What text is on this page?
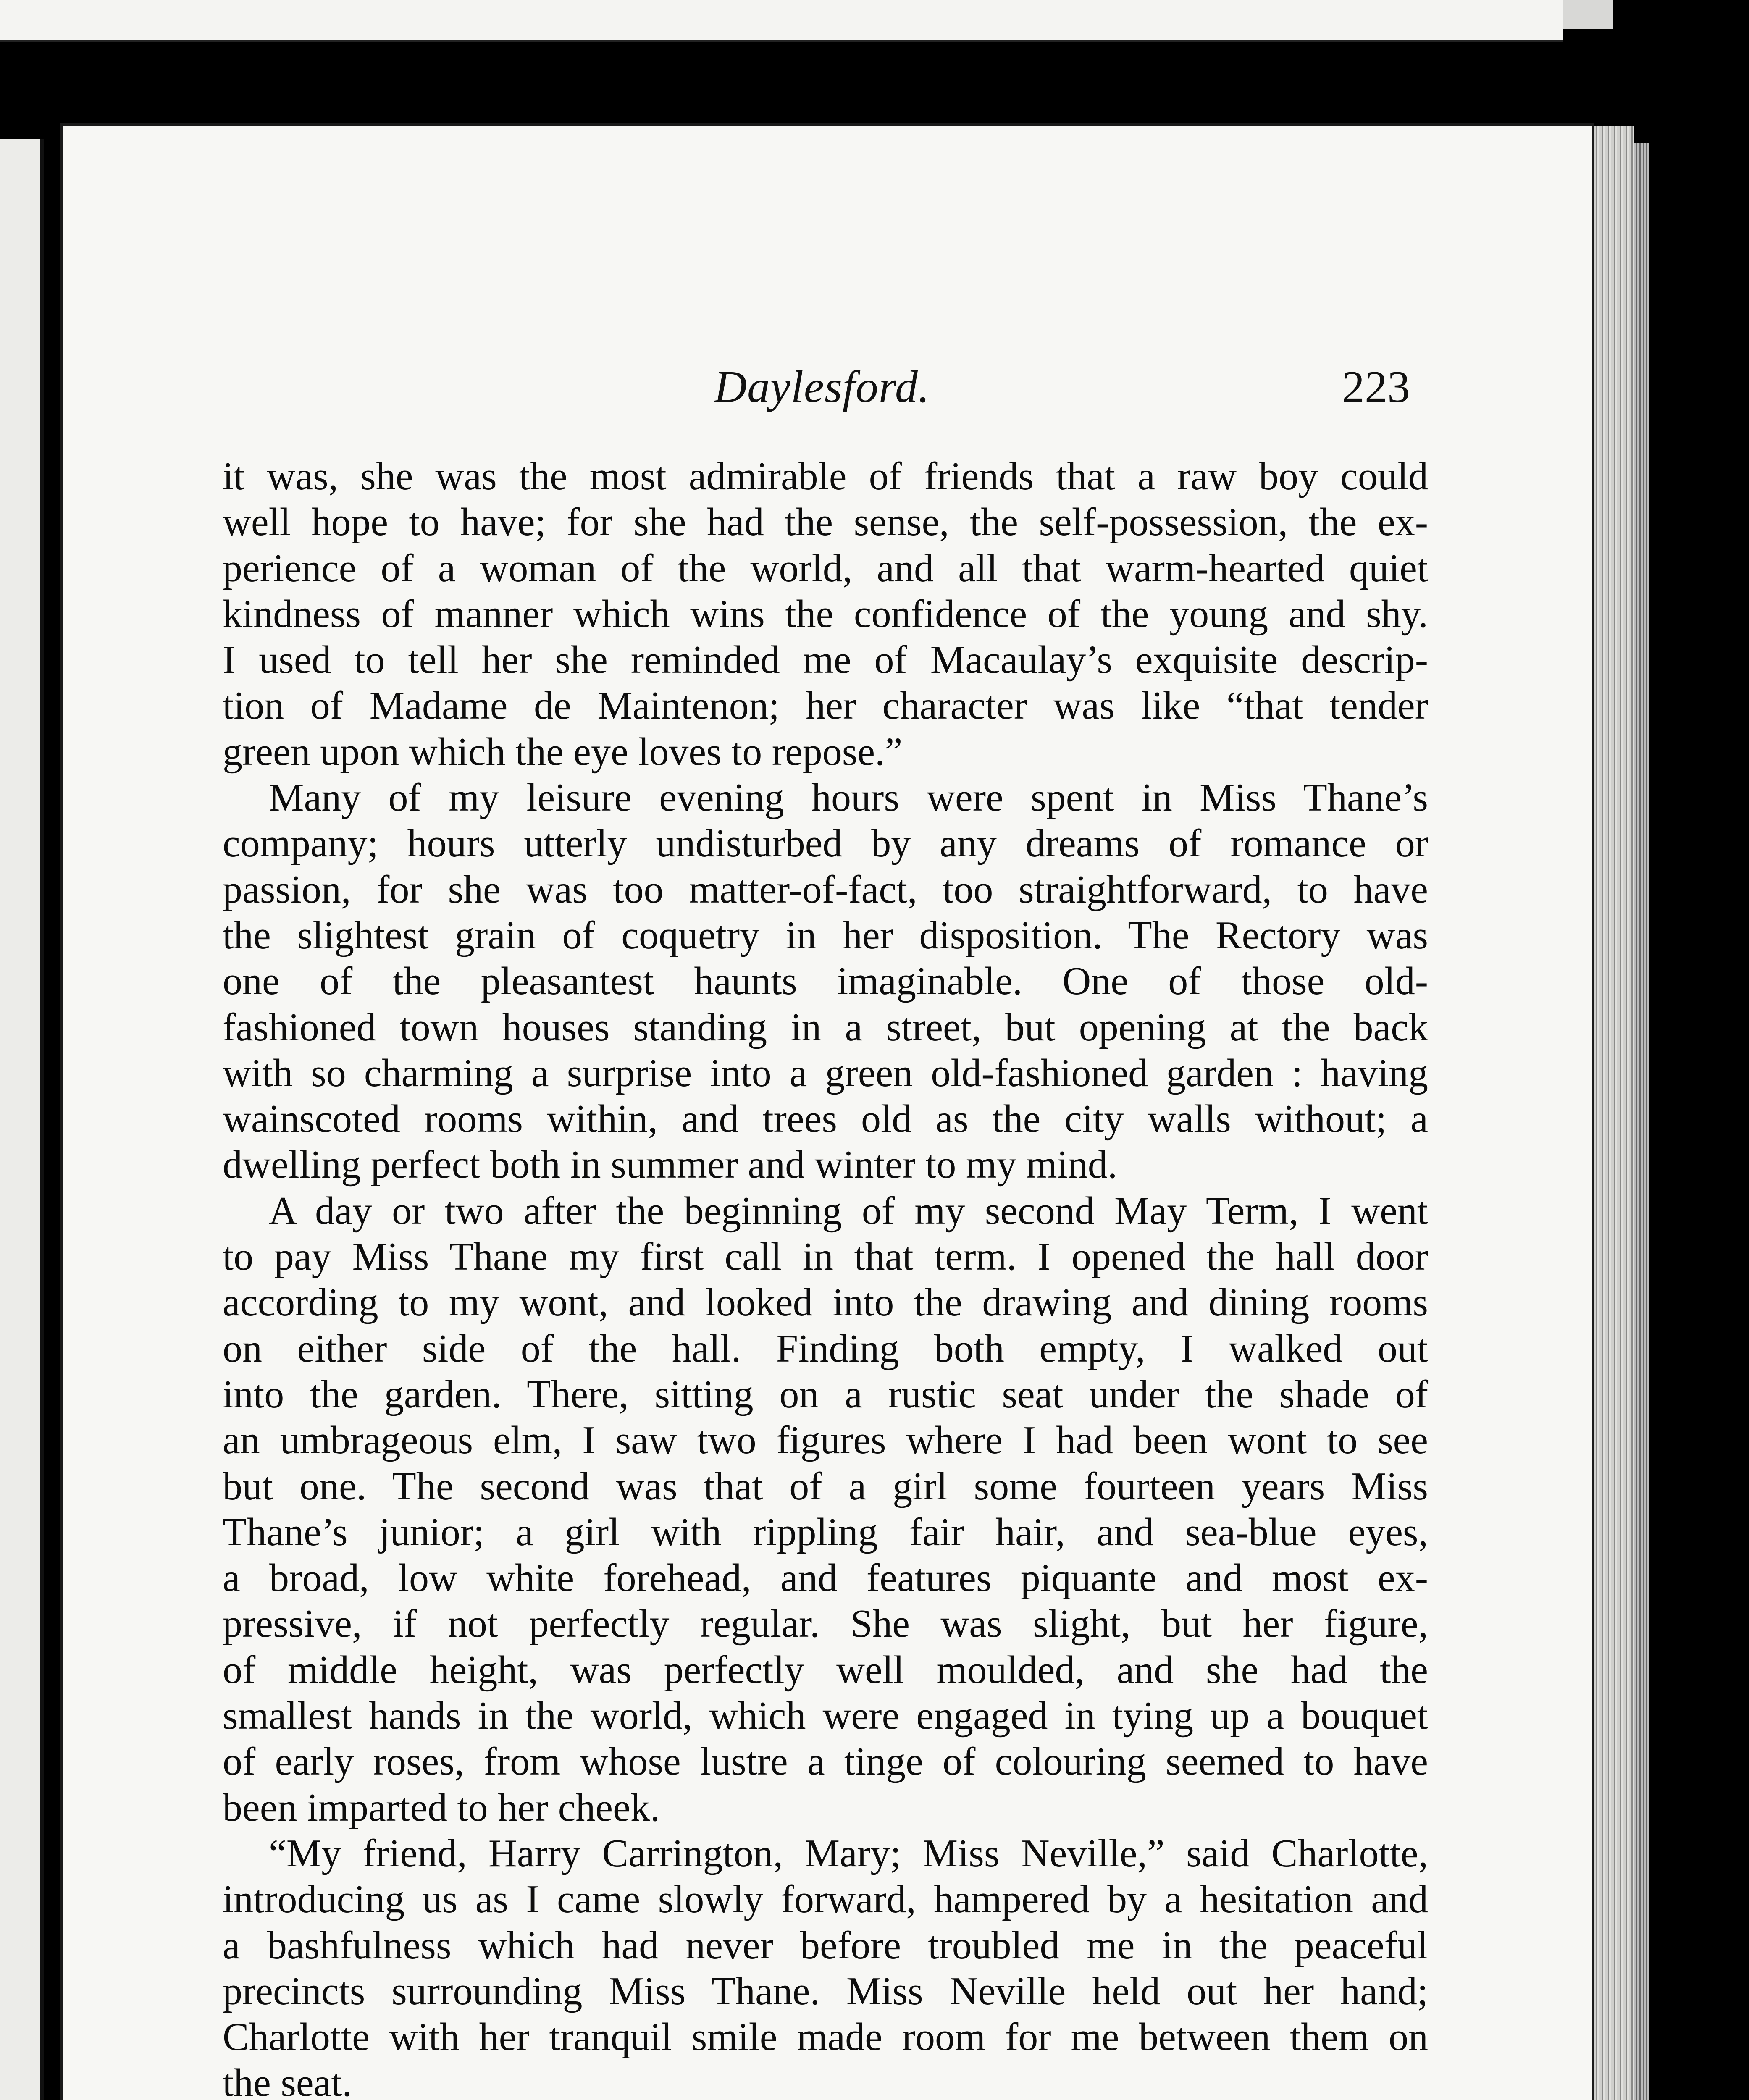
Daylesford.	223
it was, she was the most admirable of friends that a raw boy could
well hope to have; for she had the sense, the self-possession, the ex-
perience of a woman of the world, and all that warm-hearted quiet
kindness of manner which wins the confidence of the young and shy.
I used to tell her she reminded me of Macaulay’s exquisite descrip-
tion of Madame de Maintenon; her character was like “that tender
green upon which the eye loves to repose.”
Many of my leisure evening hours were spent in Miss Thane’s
company; hours utterly undisturbed by any dreams of romance or
passion, for she was too matter-of-fact, too straightforward, to have
the slightest grain of coquetry in her disposition. The Rectory was
one of the pleasantest haunts imaginable. One of those old-
fashioned town houses standing in a street, but opening at the back
with so charming a surprise into a green old-fashioned garden : having
wainscoted rooms within, and trees old as the city walls without; a
dwelling perfect both in summer and winter to my mind.
A day or two after the beginning of my second May Term, I went
to pay Miss Thane my first call in that term. I opened the hall door
according to my wont, and looked into the drawing and dining rooms
on either side of the hall. Finding both empty, I walked out
into the garden. There, sitting on a rustic seat under the shade of
an umbrageous elm, I saw two figures where I had been wont to see
but one. The second was that of a girl some fourteen years Miss
Thane’s junior; a girl with rippling fair hair, and sea-blue eyes,
a broad, low white forehead, and features piquante and most ex-
pressive, if not perfectly regular. She was slight, but her figure,
of middle height, was perfectly well moulded, and she had the
smallest hands in the world, which were engaged in tying up a bouquet
of early roses, from whose lustre a tinge of colouring seemed to have
been imparted to her cheek.
“My friend, Harry Carrington, Mary; Miss Neville,” said Charlotte,
introducing us as I came slowly forward, hampered by a hesitation and
a bashfulness which had never before troubled me in the peaceful
precincts surrounding Miss Thane. Miss Neville held out her hand;
Charlotte with her tranquil smile made room for me between them on
the seat.
